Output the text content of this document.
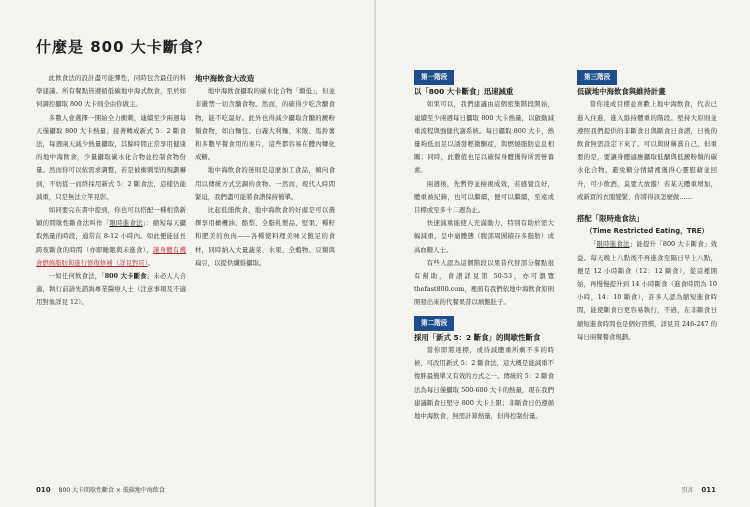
什麼是 800 大卡斷食？

此飲食法的設計盡可能彈性，同時包含最佳的科學建議。所有餐點皆遵循低碳地中海式飲食，至於如何調控攝取 800 大卡則全由你做主。

多數人會選擇一開始全力衝刺，連續至少兩週每天僅攝取 800 大卡熱量；接著轉成新式 5：2 斷食法，每週兩天減少熱量攝取，其餘時間正常享用健康的地中海飲食，少量攝取碳水化合物並控制食物份量。然而你可以依需求調整，若是被衝刺型的規劃嚇到，不妨從一而終採用新式 5：2 斷食法，這樣仍能減重，只是無法立竿見影。

如同要完在書中提到，你也可以搭配一種相當新穎的間歇性斷食法叫作「限時進食法」：縮短每天攝取熱量的時段，通常在 8-12 小時內。如此便能延長跨夜斷食的時間（亦即睡眠與未進食），讓身體有機會燃燒脂肪與進行修復修補（詳見對頁）。

一如任何飲食法，「800 大卡斷食」未必人人合適，執行前請先諮詢專業醫療人士（注意事項及不適用對象詳見 12）。

地中海飲食大改造

地中海飲食攝取的碳水化合物「顛低」，但並非嚴禁一切含醣食物。然而，的確得少吃含醣食物，能不吃最好。此外也得減少攝取含醣的澱粉類食物，如白麵包、白義大利麵、米飯、馬鈴薯和多數早餐食用的麥片，這些都容易在體內轉化成糖。

地中海飲食的迷則是這麼加工食品，傾向食用以傳統方式烹調的食物。一然而，現代人時間緊迫，我們盡可能將食譜保持簡單。

比起低脂飲食，地中海飲食的好處是可以選擇享用橄欖油、酪梨、全脂乳製品、堅果、種籽和肥美的魚肉——各種使料理美味又飽足的食材，同時納入大量蔬菜、水果、全穀物、豆類與扁豆，以提供纖維攝取。

第一階段

以「800 大卡斷食」迅速減重

如果可以，我們建議由這個密集階段開始，連續至少兩週每日攝取 800 大卡熱量，以啟動減重流程與強健代謝系統。每日攝取 800 大卡，熱量夠低而足以誘發輕微酮症，與燃燒脂肪息息相關；同時，此數值也足以確保身體獲得所需營養素。

兩週後，先暫停並檢視成效，若感覺良好，體重被紀錄，也可以繼續，便可以繼續，至遠或目標或至多十二週為止。

快速減重能使人充滿動力，特別有助於需大幅減重、呈中廣體態（腹部周圍積存多脂肪）或高血糖人士。

有些人認為這個階段以果昔代替部分餐點很有幫助，食譜詳見第 50-53，亦可瀏覽 thefast800.com，裡面有我們依地中海飲食原則開發出來的代餐果昔以填飽肚子。

第二階段

採用「新式 5：2 斷食」的間歇性斷食

當你即將達標，或待減體重所剩不多的時候，可改用新式 5：2 斷食法，這大概是能減重不復胖最簡單又有效的方式之一。傳統的 5：2 斷食法為每日僅攝取 500-600 大卡的熱量，現在我們建議斷食日堅守 800 大卡上限；非斷食日仍遵循地中海飲食，無需計算熱量，但得控制份量。

第三階段

低碳地中海飲食與維持計畫

當你達成目標並喜歡上地中海飲食，代表已進入住進，進入維持體重的階段。堅持大原則並遵照我們提供的非斷食日與斷食日食譜，日後的飲食無需設定下來了。可以與財稱賞自己，但重要的是，要讓身體適應攝取低醣與低澱粉類的碳水化合物，避免糖分情緒裡獲得心靈慰藉並回升，可小飲酒，莫要大放縱！若某天體重增加，或新買的衣服變緊，你將得該怎麼做……

搭配「限時進食法」

（Time Restricted Eating，TRE）

「限時進食法」能提升「800 大卡斷食」效益。每天晚上八點後不再進食至隔日早上八點，便是 12 小時斷食（12：12 斷食），從這裡開始，再慢慢提升到 14 小時斷食（進食時間為 10 小時，14：10 斷食），許多人認為縮短進食時間，能使斷食日更容易執行，不過，在非斷食日縮短進食時間也是個好習慣，詳見頁 246-247 的每日兩餐餐食規劃。

010 800 大卡間歇性斷食 × 低碳地中海飲食	引言 011
